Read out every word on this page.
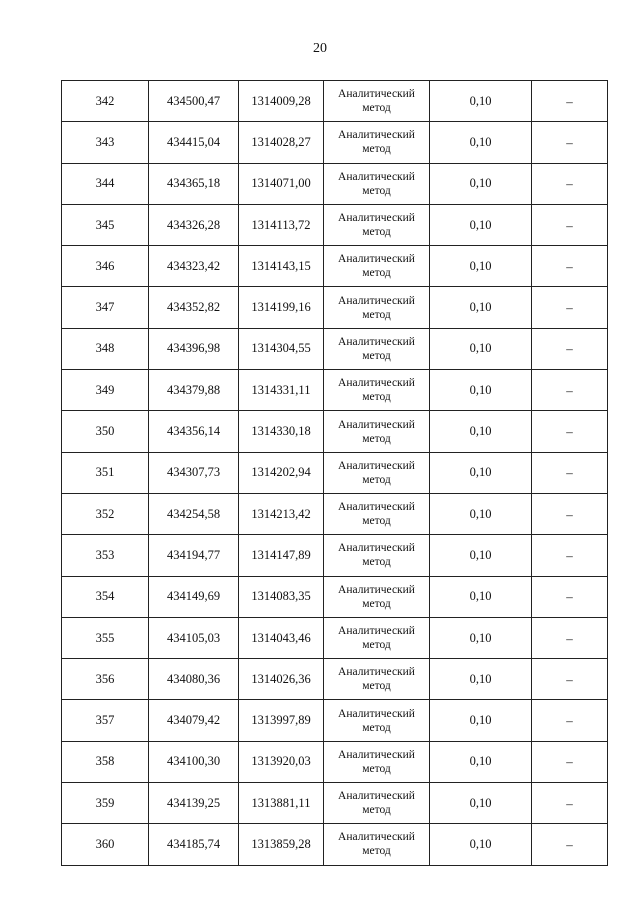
20
342	434500,47	1314009,28	Аналитический метод	0,10	–
343	434415,04	1314028,27	Аналитический метод	0,10	–
344	434365,18	1314071,00	Аналитический метод	0,10	–
345	434326,28	1314113,72	Аналитический метод	0,10	–
346	434323,42	1314143,15	Аналитический метод	0,10	–
347	434352,82	1314199,16	Аналитический метод	0,10	–
348	434396,98	1314304,55	Аналитический метод	0,10	–
349	434379,88	1314331,11	Аналитический метод	0,10	–
350	434356,14	1314330,18	Аналитический метод	0,10	–
351	434307,73	1314202,94	Аналитический метод	0,10	–
352	434254,58	1314213,42	Аналитический метод	0,10	–
353	434194,77	1314147,89	Аналитический метод	0,10	–
354	434149,69	1314083,35	Аналитический метод	0,10	–
355	434105,03	1314043,46	Аналитический метод	0,10	–
356	434080,36	1314026,36	Аналитический метод	0,10	–
357	434079,42	1313997,89	Аналитический метод	0,10	–
358	434100,30	1313920,03	Аналитический метод	0,10	–
359	434139,25	1313881,11	Аналитический метод	0,10	–
360	434185,74	1313859,28	Аналитический метод	0,10	–
